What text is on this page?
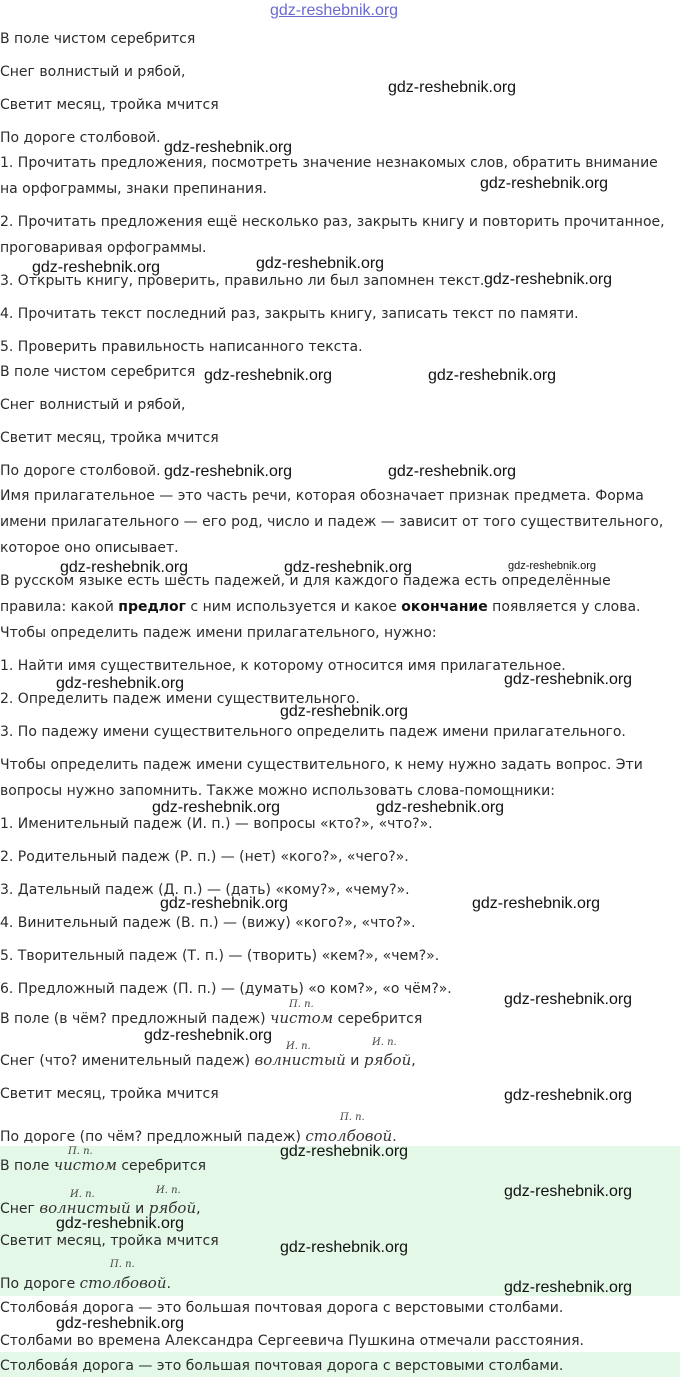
gdz-reshebnik.org
В поле чистом серебрится
Снег волнистый и рябой,
Светит месяц, тройка мчится
По дороге столбовой.
1. Прочитать предложения, посмотреть значение незнакомых слов, обратить внимание
на орфограммы, знаки препинания.
2. Прочитать предложения ещё несколько раз, закрыть книгу и повторить прочитанное,
проговаривая орфограммы.
3. Открыть книгу, проверить, правильно ли был запомнен текст.
4. Прочитать текст последний раз, закрыть книгу, записать текст по памяти.
5. Проверить правильность написанного текста.
В поле чистом серебрится
Снег волнистый и рябой,
Светит месяц, тройка мчится
По дороге столбовой.
Имя прилагательное — это часть речи, которая обозначает признак предмета. Форма
имени прилагательного — его род, число и падеж — зависит от того существительного,
которое оно описывает.
В русском языке есть шесть падежей, и для каждого падежа есть определённые
правила: какой предлог с ним используется и какое окончание появляется у слова.
Чтобы определить падеж имени прилагательного, нужно:
1. Найти имя существительное, к которому относится имя прилагательное.
2. Определить падеж имени существительного.
3. По падежу имени существительного определить падеж имени прилагательного.
Чтобы определить падеж имени существительного, к нему нужно задать вопрос. Эти
вопросы нужно запомнить. Также можно использовать слова-помощники:
1. Именительный падеж (И. п.) — вопросы «кто?», «что?».
2. Родительный падеж (Р. п.) — (нет) «кого?», «чего?».
3. Дательный падеж (Д. п.) — (дать) «кому?», «чему?».
4. Винительный падеж (В. п.) — (вижу) «кого?», «что?».
5. Творительный падеж (Т. п.) — (творить) «кем?», «чем?».
6. Предложный падеж (П. п.) — (думать) «о ком?», «о чём?».
П. п.
В поле (в чём? предложный падеж) чистом серебрится
И. п.	И. п.
Снег (что? именительный падеж) волнистый и рябой,
Светит месяц, тройка мчится
П. п.
По дороге (по чём? предложный падеж) столбовой.
П. п.
В поле чистом серебрится
И. п.	И. п.
Снег волнистый и рябой,
Светит месяц, тройка мчится
П. п.
По дороге столбовой.
Столбова́я дорога — это большая почтовая дорога с верстовыми столбами.
Столбами во времена Александра Сергеевича Пушкина отмечали расстояния.
Столбова́я дорога — это большая почтовая дорога с верстовыми столбами.
gdz-reshebnik.org
gdz-reshebnik.org
gdz-reshebnik.org
gdz-reshebnik.org
gdz-reshebnik.org
gdz-reshebnik.org
gdz-reshebnik.org	gdz-reshebnik.org
gdz-reshebnik.org	gdz-reshebnik.org
gdz-reshebnik.org	gdz-reshebnik.org	gdz-reshebnik.org
gdz-reshebnik.org
gdz-reshebnik.org
gdz-reshebnik.org
gdz-reshebnik.org	gdz-reshebnik.org
gdz-reshebnik.org	gdz-reshebnik.org
gdz-reshebnik.org
gdz-reshebnik.org
gdz-reshebnik.org
gdz-reshebnik.org
gdz-reshebnik.org
gdz-reshebnik.org
gdz-reshebnik.org
gdz-reshebnik.org
gdz-reshebnik.org
